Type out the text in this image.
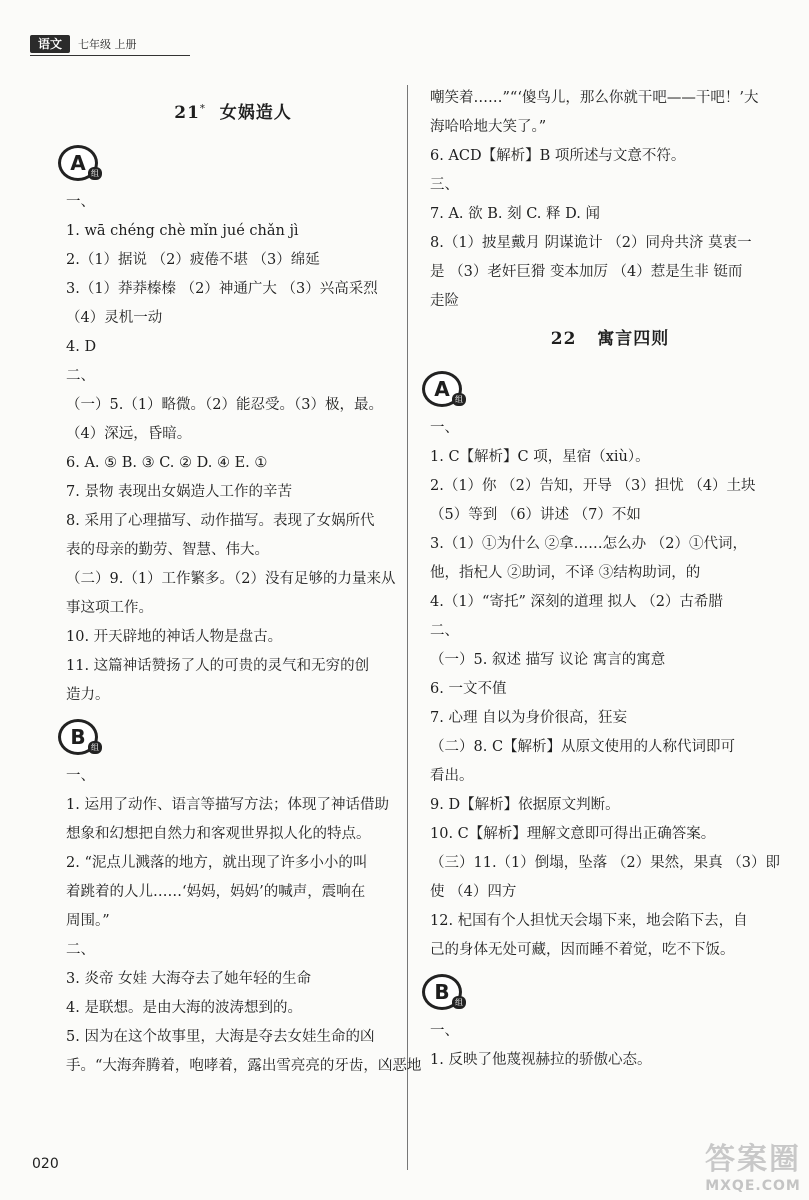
语文	七年级 上册
21* 女娲造人
A 组
一、
1. wā chéng chè mǐn jué chǎn jì
2.（1）据说 （2）疲倦不堪 （3）绵延
3.（1）莽莽榛榛 （2）神通广大 （3）兴高采烈
（4）灵机一动
4. D
二、
（一）5.（1）略微。（2）能忍受。（3）极，最。
（4）深远，昏暗。
6. A. ⑤ B. ③ C. ② D. ④ E. ①
7. 景物 表现出女娲造人工作的辛苦
8. 采用了心理描写、动作描写。表现了女娲所代
表的母亲的勤劳、智慧、伟大。
（二）9.（1）工作繁多。（2）没有足够的力量来从
事这项工作。
10. 开天辟地的神话人物是盘古。
11. 这篇神话赞扬了人的可贵的灵气和无穷的创
造力。
B 组
一、
1. 运用了动作、语言等描写方法；体现了神话借助
想象和幻想把自然力和客观世界拟人化的特点。
2. “泥点儿溅落的地方，就出现了许多小小的叫
着跳着的人儿……‘妈妈，妈妈’的喊声，震响在
周围。”
二、
3. 炎帝 女娃 大海夺去了她年轻的生命
4. 是联想。是由大海的波涛想到的。
5. 因为在这个故事里，大海是夺去女娃生命的凶
手。“大海奔腾着，咆哮着，露出雪亮亮的牙齿，凶恶地
嘲笑着……”“‘傻鸟儿，那么你就干吧——干吧！’大
海哈哈地大笑了。”
6. ACD【解析】B 项所述与文意不符。
三、
7. A. 欲 B. 刻 C. 释 D. 闻
8.（1）披星戴月 阴谋诡计 （2）同舟共济 莫衷一
是 （3）老奸巨猾 变本加厉 （4）惹是生非 铤而
走险
22 寓言四则
A 组
一、
1. C【解析】C 项，星宿（xiù）。
2.（1）你 （2）告知，开导 （3）担忧 （4）土块
（5）等到 （6）讲述 （7）不如
3.（1）①为什么 ②拿……怎么办 （2）①代词，
他，指杞人 ②助词，不译 ③结构助词，的
4.（1）“寄托” 深刻的道理 拟人 （2）古希腊
二、
（一）5. 叙述 描写 议论 寓言的寓意
6. 一文不值
7. 心理 自以为身价很高，狂妄
（二）8. C【解析】从原文使用的人称代词即可
看出。
9. D【解析】依据原文判断。
10. C【解析】理解文意即可得出正确答案。
（三）11.（1）倒塌，坠落 （2）果然，果真 （3）即
使 （4）四方
12. 杞国有个人担忧天会塌下来，地会陷下去，自
己的身体无处可藏，因而睡不着觉，吃不下饭。
B 组
一、
1. 反映了他蔑视赫拉的骄傲心态。
020	答案圈
MXQE.COM
